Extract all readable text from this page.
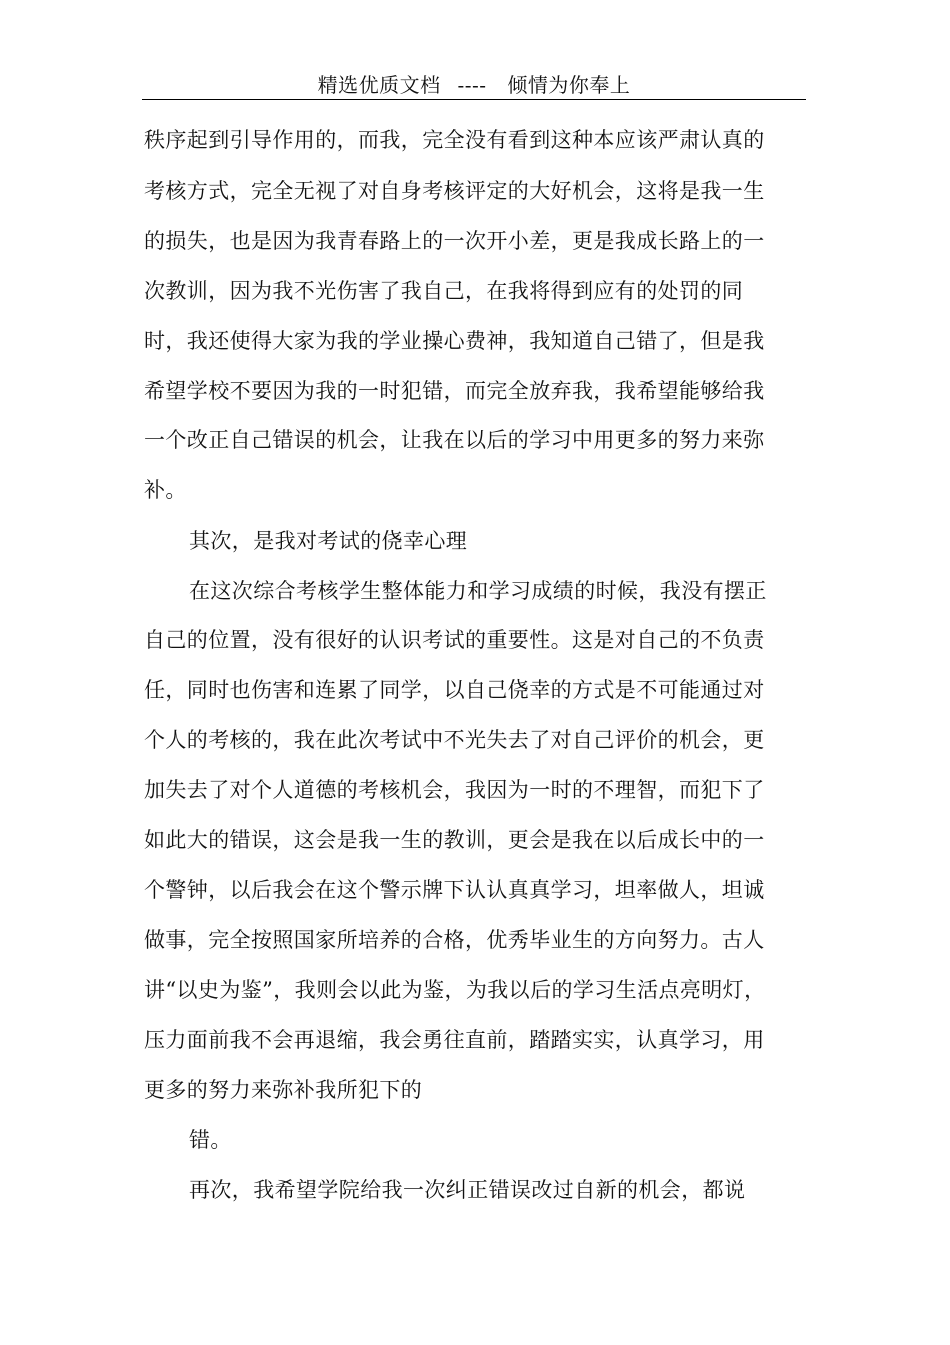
精选优质文档 ---- 倾情为你奉上
秩序起到引导作用的，而我，完全没有看到这种本应该严肃认真的
考核方式，完全无视了对自身考核评定的大好机会，这将是我一生
的损失，也是因为我青春路上的一次开小差，更是我成长路上的一
次教训，因为我不光伤害了我自己，在我将得到应有的处罚的同
时，我还使得大家为我的学业操心费神，我知道自己错了，但是我
希望学校不要因为我的一时犯错，而完全放弃我，我希望能够给我
一个改正自己错误的机会，让我在以后的学习中用更多的努力来弥
补。
其次，是我对考试的侥幸心理
在这次综合考核学生整体能力和学习成绩的时候，我没有摆正
自己的位置，没有很好的认识考试的重要性。这是对自己的不负责
任，同时也伤害和连累了同学，以自己侥幸的方式是不可能通过对
个人的考核的，我在此次考试中不光失去了对自己评价的机会，更
加失去了对个人道德的考核机会，我因为一时的不理智，而犯下了
如此大的错误，这会是我一生的教训，更会是我在以后成长中的一
个警钟，以后我会在这个警示牌下认认真真学习，坦率做人，坦诚
做事，完全按照国家所培养的合格，优秀毕业生的方向努力。古人
讲“以史为鉴”，我则会以此为鉴，为我以后的学习生活点亮明灯，
压力面前我不会再退缩，我会勇往直前，踏踏实实，认真学习，用
更多的努力来弥补我所犯下的
错。
再次，我希望学院给我一次纠正错误改过自新的机会，都说
